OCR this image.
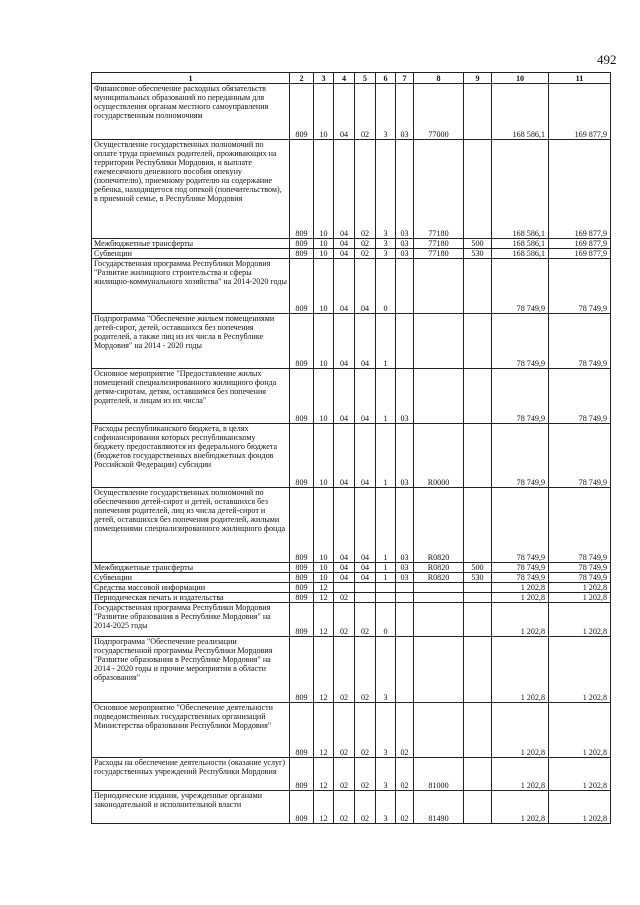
492
1	2	3	4	5	6	7	8	9	10	11
Финансовое обеспечение расходных обязательств муниципальных образований по переданным для осуществления органам местного самоуправления государственным полномочиям	809	10	04	02	3	03	77000		168 586,1	169 877,9
Осуществление государственных полномочий по оплате труда приемных родителей, проживающих на территории Республики Мордовия, и выплате ежемесячного денежного пособия опекуну (попечителю), приемному родителю на содержание ребенка, находящегося под опекой (попечительством), в приемной семье, в Республике Мордовия	809	10	04	02	3	03	77180		168 586,1	169 877,9
Межбюджетные трансферты	809	10	04	02	3	03	77180	500	168 586,1	169 877,9
Субвенции	809	10	04	02	3	03	77180	530	168 586,1	169 877,9
Государственная программа Республики Мордовия "Развитие жилищного строительства и сферы жилищно-коммунального хозяйства" на 2014-2020 годы	809	10	04	04	0				78 749,9	78 749,9
Подпрограмма "Обеспечение жильем помещениями детей-сирот, детей, оставшихся без попечения родителей, а также лиц из их числа в Республике Мордовия" на 2014 - 2020 годы	809	10	04	04	1				78 749,9	78 749,9
Основное мероприятие "Предоставление жилых помещений специализированного жилищного фонда детям-сиротам, детям, оставшимся без попечения родителей, и лицам из их числа"	809	10	04	04	1	03			78 749,9	78 749,9
Расходы республиканского бюджета, в целях софинансирования которых республиканскому бюджету предоставляются из федерального бюджета (бюджетов государственных внебюджетных фондов Российской Федерации) субсидии	809	10	04	04	1	03	R0000		78 749,9	78 749,9
Осуществление государственных полномочий по обеспечению детей-сирот и детей, оставшихся без попечения родителей, лиц из числа детей-сирот и детей, оставшихся без попечения родителей, жилыми помещениями специализированного жилищного фонда	809	10	04	04	1	03	R0820		78 749,9	78 749,9
Межбюджетные трансферты	809	10	04	04	1	03	R0820	500	78 749,9	78 749,9
Субвенции	809	10	04	04	1	03	R0820	530	78 749,9	78 749,9
Средства массовой информации	809	12							1 202,8	1 202,8
Периодическая печать и издательства	809	12	02						1 202,8	1 202,8
Государственная программа Республики Мордовия "Развитие образования в Республике Мордовия" на 2014-2025 годы	809	12	02	02	0				1 202,8	1 202,8
Подпрограмма "Обеспечение реализации государственной программы Республики Мордовия "Развитие образования в Республике Мордовия" на 2014 - 2020 годы и прочие мероприятия в области образования"	809	12	02	02	3				1 202,8	1 202,8
Основное мероприятие "Обеспечение деятельности подведомственных государственных организаций Министерства образования Республики Мордовия"	809	12	02	02	3	02			1 202,8	1 202,8
Расходы на обеспечение деятельности (оказание услуг) государственных учреждений Республики Мордовия	809	12	02	02	3	02	81000		1 202,8	1 202,8
Периодические издания, учрежденные органами законодательной и исполнительной власти	809	12	02	02	3	02	81490		1 202,8	1 202,8
